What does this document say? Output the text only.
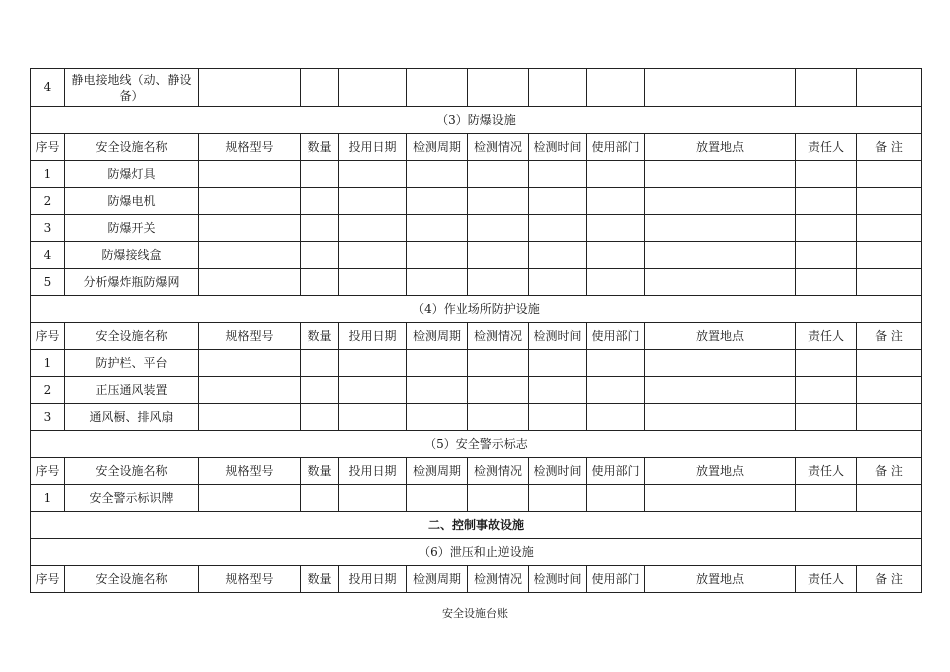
4	静电接地线（动、静设备）										
（3）防爆设施											
序号	安全设施名称	规格型号	数量	投用日期	检测周期	检测情况	检测时间	使用部门	放置地点	责任人	备 注
1	防爆灯具										
2	防爆电机										
3	防爆开关										
4	防爆接线盒										
5	分析爆炸瓶防爆网										
（4）作业场所防护设施											
序号	安全设施名称	规格型号	数量	投用日期	检测周期	检测情况	检测时间	使用部门	放置地点	责任人	备 注
1	防护栏、平台										
2	正压通风装置										
3	通风橱、排风扇										
（5）安全警示标志											
序号	安全设施名称	规格型号	数量	投用日期	检测周期	检测情况	检测时间	使用部门	放置地点	责任人	备 注
1	安全警示标识牌										
二、控制事故设施											
（6）泄压和止逆设施											
序号	安全设施名称	规格型号	数量	投用日期	检测周期	检测情况	检测时间	使用部门	放置地点	责任人	备 注
安全设施台账
